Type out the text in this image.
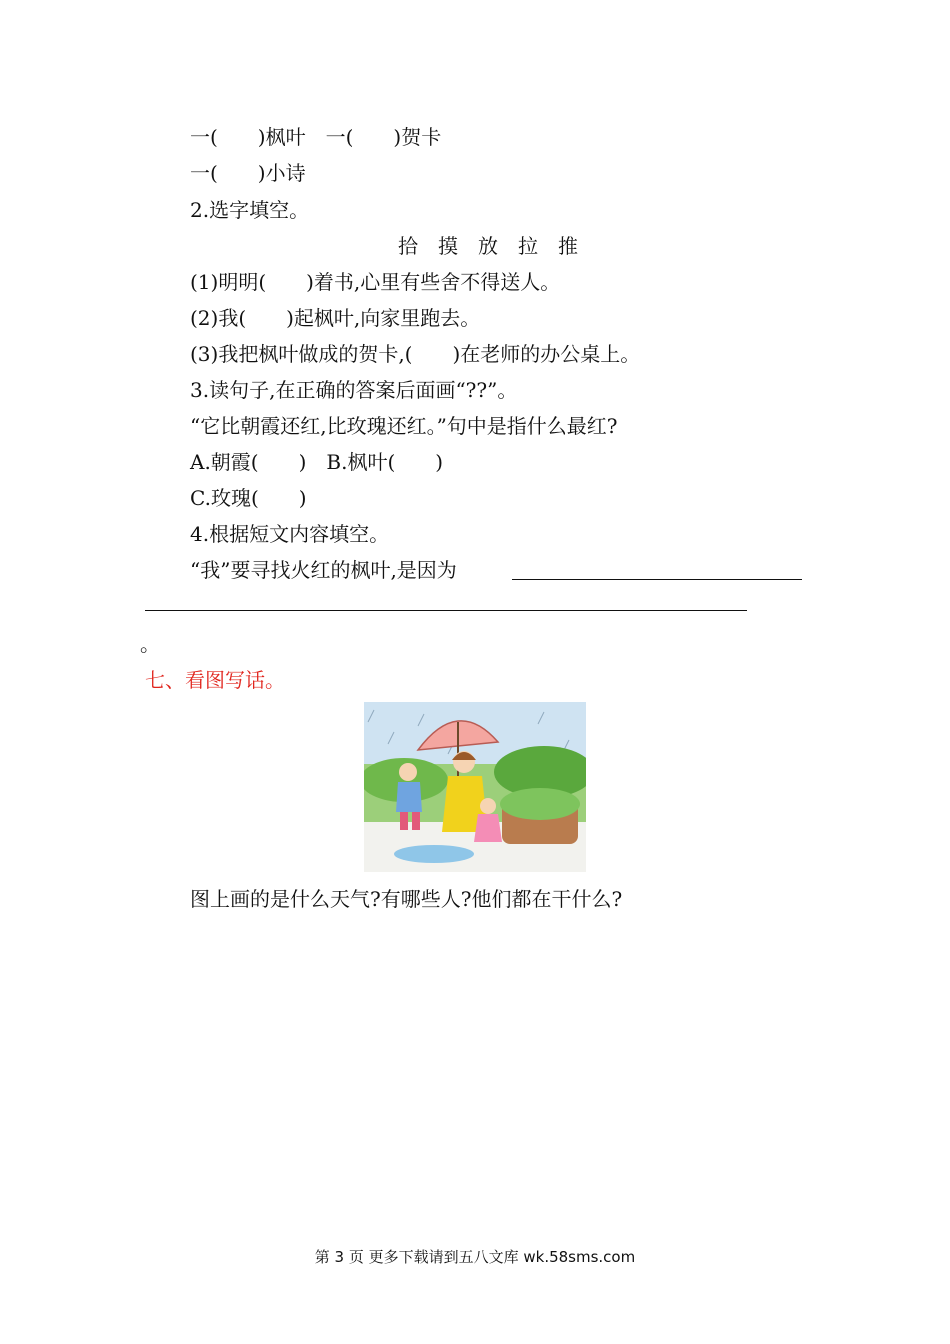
一(　　)枫叶　一(　　)贺卡
一(　　)小诗
2.选字填空。
拾　摸　放　拉　推
(1)明明(　　)着书,心里有些舍不得送人。
(2)我(　　)起枫叶,向家里跑去。
(3)我把枫叶做成的贺卡,(　　)在老师的办公桌上。
3.读句子,在正确的答案后面画“??”。
“它比朝霞还红,比玫瑰还红。”句中是指什么最红?
A.朝霞(　　)　B.枫叶(　　)
C.玫瑰(　　)
4.根据短文内容填空。
“我”要寻找火红的枫叶,是因为
。
七、看图写话。
图上画的是什么天气?有哪些人?他们都在干什么?
第 3 页 更多下载请到五八文库 wk.58sms.com
